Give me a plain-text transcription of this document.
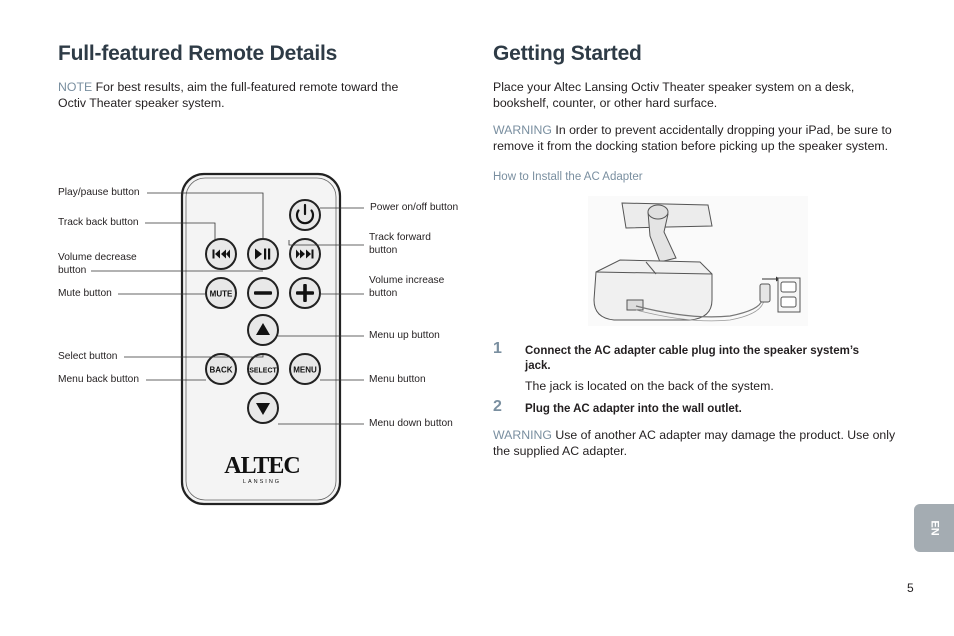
Full-featured Remote Details
NOTE For best results, aim the full-featured remote toward the
Octiv Theater speaker system.
MUTE
BACK SELECT MENU
ALTEC
LANSING
Play/pause button
Track back button
Volume decrease
button
Mute button
Select button
Menu back button
Power on/off button
Track forward
button
Volume increase
button
Menu up button
Menu button
Menu down button
Getting Started
Place your Altec Lansing Octiv Theater speaker system on a desk,
bookshelf, counter, or other hard surface.
WARNING In order to prevent accidentally dropping your iPad, be sure to
remove it from the docking station before picking up the speaker system.
How to Install the AC Adapter
1 Connect the AC adapter cable plug into the speaker system’s
jack.
The jack is located on the back of the system.
2 Plug the AC adapter into the wall outlet.
WARNING Use of another AC adapter may damage the product. Use only
the supplied AC adapter.
EN
5
